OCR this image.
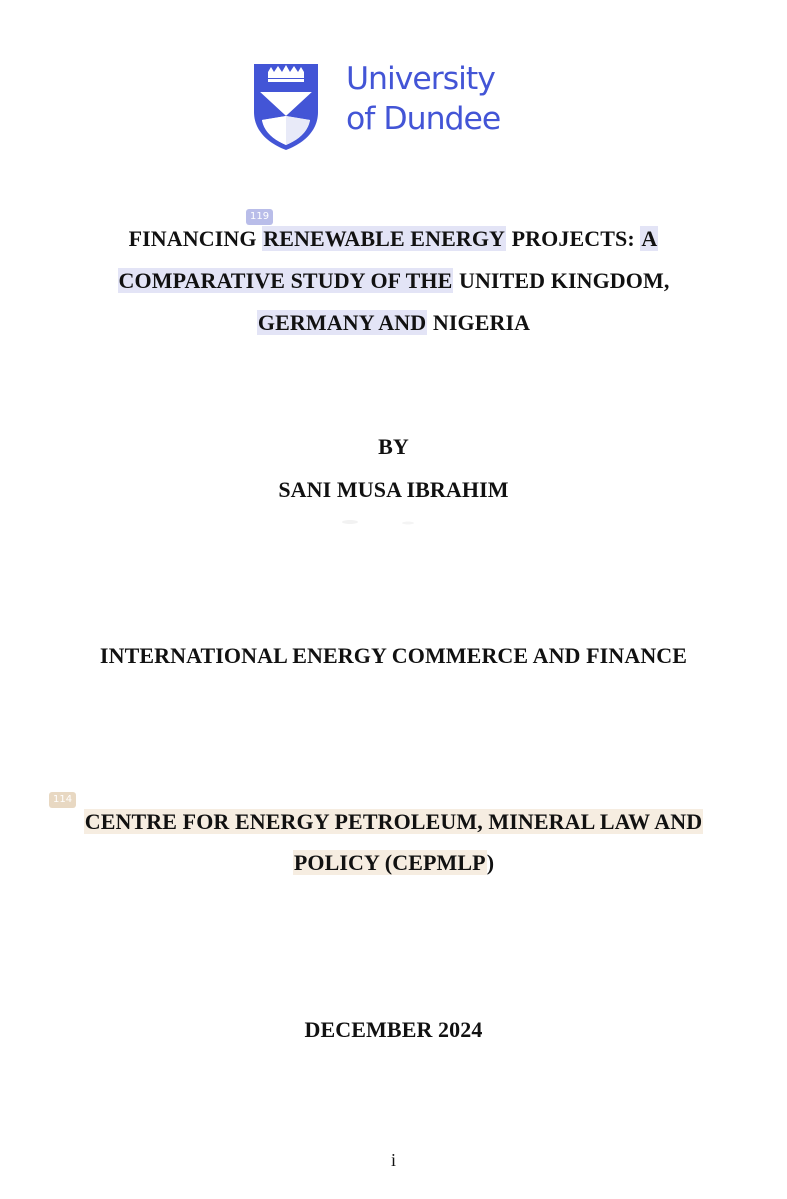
University
of Dundee
119
FINANCING RENEWABLE ENERGY PROJECTS: A
COMPARATIVE STUDY OF THE UNITED KINGDOM,
GERMANY AND NIGERIA
BY
SANI MUSA IBRAHIM
INTERNATIONAL ENERGY COMMERCE AND FINANCE
114
CENTRE FOR ENERGY PETROLEUM, MINERAL LAW AND
POLICY (CEPMLP)
DECEMBER 2024
i
